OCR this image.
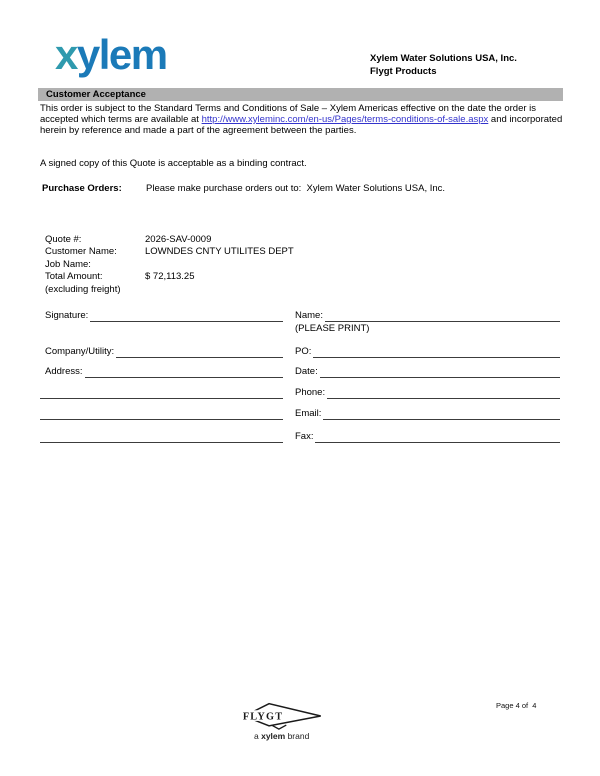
xylem	Xylem Water Solutions USA, Inc.
Flygt Products
Customer Acceptance
This order is subject to the Standard Terms and Conditions of Sale – Xylem Americas effective on the date the order is accepted which terms are available at http://www.xyleminc.com/en-us/Pages/terms-conditions-of-sale.aspx and incorporated herein by reference and made a part of the agreement between the parties.
A signed copy of this Quote is acceptable as a binding contract.
Purchase Orders:	Please make purchase orders out to:  Xylem Water Solutions USA, Inc.
Quote #:	2026-SAV-0009
Customer Name:	LOWNDES CNTY UTILITES DEPT
Job Name:
Total Amount:	$ 72,113.25
(excluding freight)
Signature:
Company/Utility:
Address:
Name:
(PLEASE PRINT)
PO:
Date:
Phone:
Email:
Fax:
FLYGT
a xylem brand
Page 4 of  4
